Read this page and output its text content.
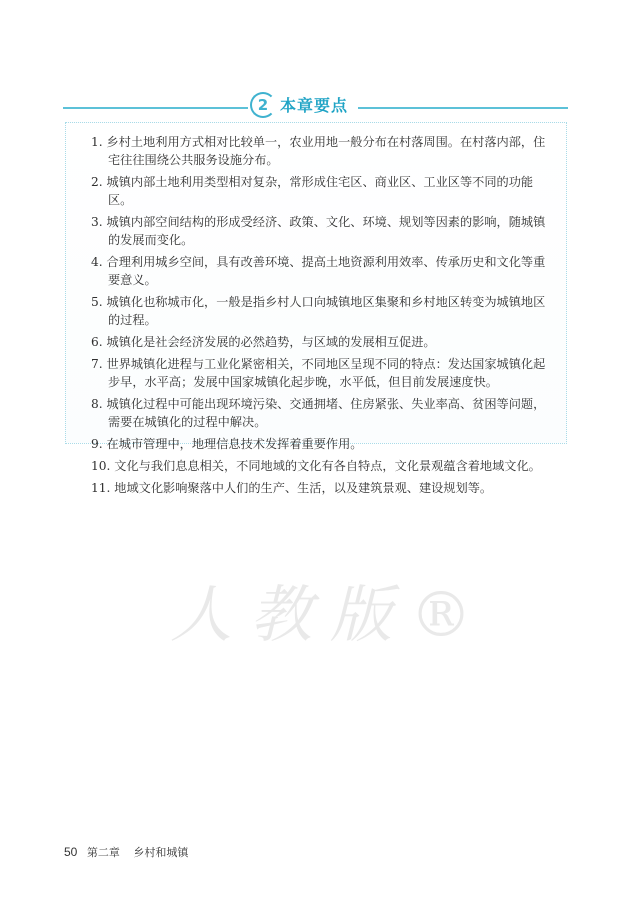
2 本章要点
1. 乡村土地利用方式相对比较单一，农业用地一般分布在村落周围。在村落内部，住宅往往围绕公共服务设施分布。
2. 城镇内部土地利用类型相对复杂，常形成住宅区、商业区、工业区等不同的功能区。
3. 城镇内部空间结构的形成受经济、政策、文化、环境、规划等因素的影响，随城镇的发展而变化。
4. 合理利用城乡空间，具有改善环境、提高土地资源利用效率、传承历史和文化等重要意义。
5. 城镇化也称城市化，一般是指乡村人口向城镇地区集聚和乡村地区转变为城镇地区的过程。
6. 城镇化是社会经济发展的必然趋势，与区域的发展相互促进。
7. 世界城镇化进程与工业化紧密相关，不同地区呈现不同的特点：发达国家城镇化起步早，水平高；发展中国家城镇化起步晚，水平低，但目前发展速度快。
8. 城镇化过程中可能出现环境污染、交通拥堵、住房紧张、失业率高、贫困等问题，需要在城镇化的过程中解决。
9. 在城市管理中，地理信息技术发挥着重要作用。
10. 文化与我们息息相关，不同地域的文化有各自特点，文化景观蕴含着地域文化。
11. 地域文化影响聚落中人们的生产、生活，以及建筑景观、建设规划等。
人教版®
50 第二章 乡村和城镇
